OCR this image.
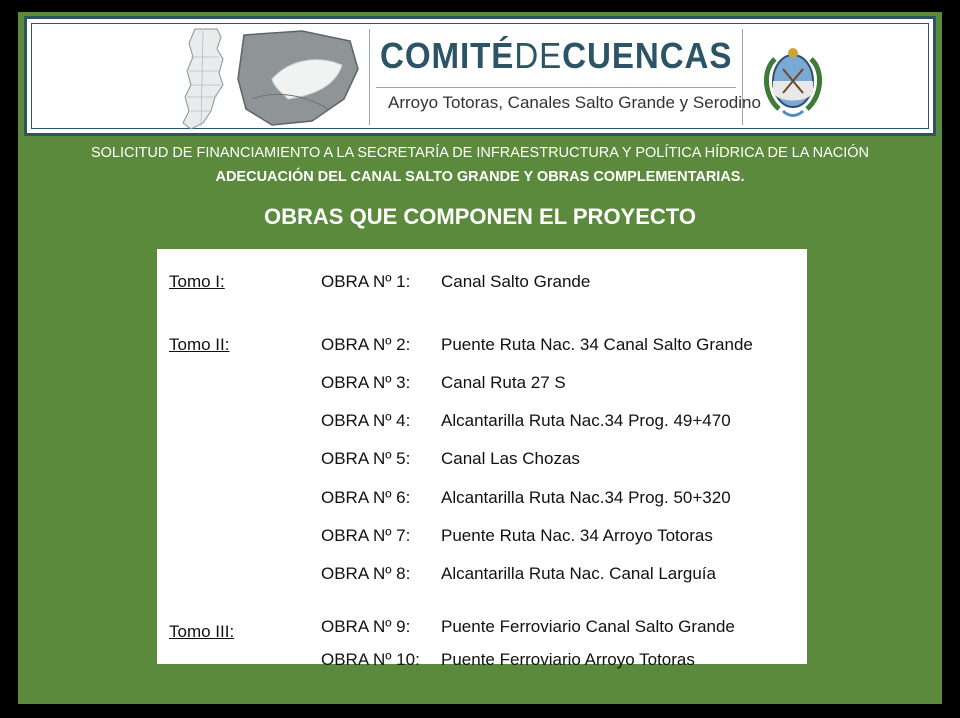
COMITÉDECUENCAS
Arroyo Totoras, Canales Salto Grande y Serodino
SOLICITUD DE FINANCIAMIENTO A LA SECRETARÍA DE INFRAESTRUCTURA Y POLÍTICA HÍDRICA DE LA NACIÓN
ADECUACIÓN DEL CANAL SALTO GRANDE Y OBRAS COMPLEMENTARIAS.
OBRAS QUE COMPONEN EL PROYECTO
Tomo I:
Tomo II:
Tomo III:
OBRA Nº 1: Canal Salto Grande
OBRA Nº 2: Puente Ruta Nac. 34 Canal Salto Grande
OBRA Nº 3: Canal Ruta 27 S
OBRA Nº 4: Alcantarilla Ruta Nac.34 Prog. 49+470
OBRA Nº 5: Canal Las Chozas
OBRA Nº 6: Alcantarilla Ruta Nac.34 Prog. 50+320
OBRA Nº 7: Puente Ruta Nac. 34 Arroyo Totoras
OBRA Nº 8: Alcantarilla Ruta Nac. Canal Larguía
OBRA Nº 9: Puente Ferroviario Canal Salto Grande
OBRA Nº 10: Puente Ferroviario Arroyo Totoras
